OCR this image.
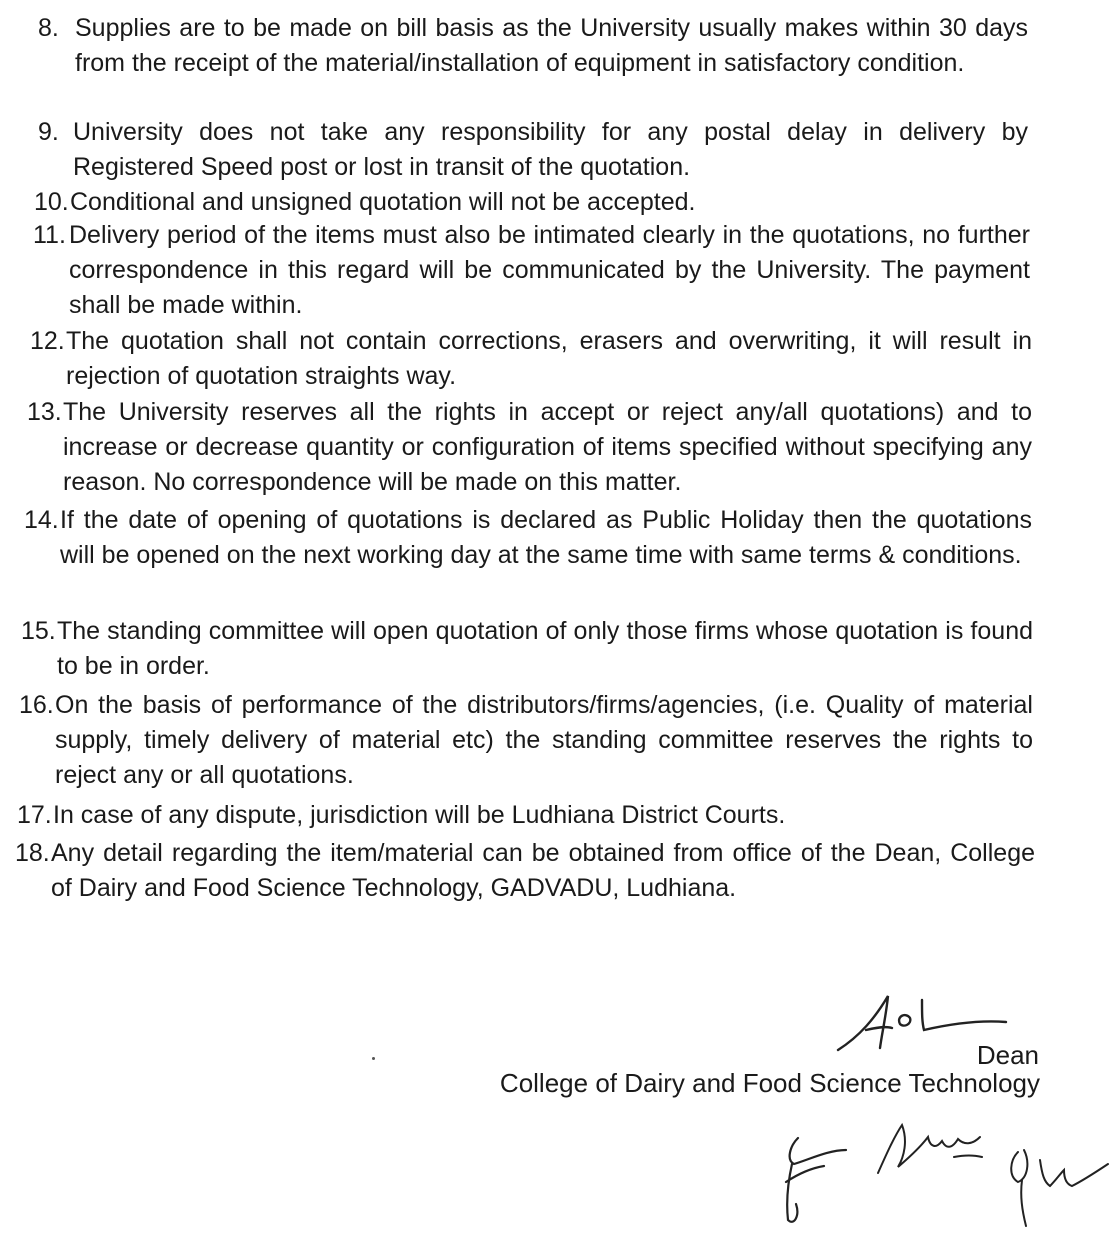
8. Supplies are to be made on bill basis as the University usually makes within 30 days from the receipt of the material/installation of equipment in satisfactory condition.
9. University does not take any responsibility for any postal delay in delivery by Registered Speed post or lost in transit of the quotation.
10. Conditional and unsigned quotation will not be accepted.
11. Delivery period of the items must also be intimated clearly in the quotations, no further correspondence in this regard will be communicated by the University. The payment shall be made within.
12. The quotation shall not contain corrections, erasers and overwriting, it will result in rejection of quotation straights way.
13. The University reserves all the rights in accept or reject any/all quotations) and to increase or decrease quantity or configuration of items specified without specifying any reason. No correspondence will be made on this matter.
14. If the date of opening of quotations is declared as Public Holiday then the quotations will be opened on the next working day at the same time with same terms & conditions.
15. The standing committee will open quotation of only those firms whose quotation is found to be in order.
16. On the basis of performance of the distributors/firms/agencies, (i.e. Quality of material supply, timely delivery of material etc) the standing committee reserves the rights to reject any or all quotations.
17. In case of any dispute, jurisdiction will be Ludhiana District Courts.
18. Any detail regarding the item/material can be obtained from office of the Dean, College of Dairy and Food Science Technology, GADVADU, Ludhiana.
Dean
College of Dairy and Food Science Technology
